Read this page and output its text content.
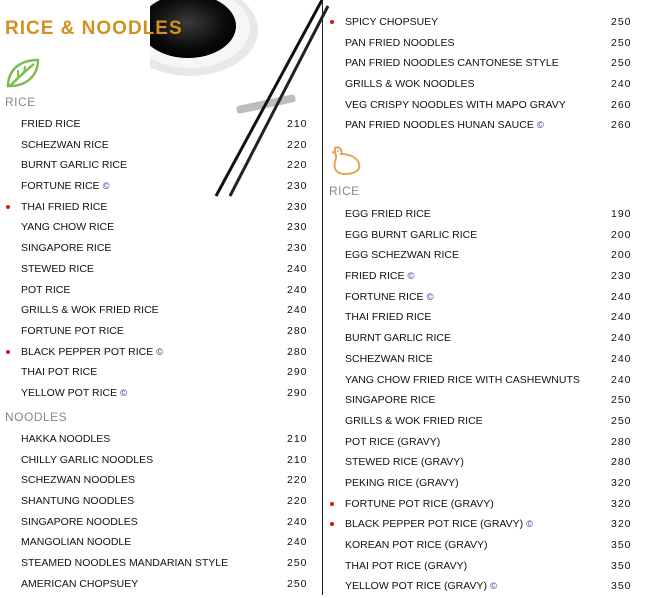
RICE & NOODLES
RICE
FRIED RICE	210
SCHEZWAN RICE	220
BURNT GARLIC RICE	220
FORTUNE RICE ©	230
THAI FRIED RICE	230
YANG CHOW RICE	230
SINGAPORE RICE	230
STEWED RICE	240
POT RICE	240
GRILLS & WOK FRIED RICE	240
FORTUNE POT RICE	280
BLACK PEPPER POT RICE ©	280
THAI POT RICE	290
YELLOW POT RICE ©	290
NOODLES
HAKKA NOODLES	210
CHILLY GARLIC NOODLES	210
SCHEZWAN NOODLES	220
SHANTUNG NOODLES	220
SINGAPORE NOODLES	240
MANGOLIAN NOODLE	240
STEAMED NOODLES MANDARIAN STYLE	250
AMERICAN CHOPSUEY	250
SPICY CHOPSUEY	250
PAN FRIED NOODLES	250
PAN FRIED NOODLES CANTONESE STYLE	250
GRILLS & WOK NOODLES	240
VEG CRISPY NOODLES WITH MAPO GRAVY	260
PAN FRIED NOODLES HUNAN SAUCE ©	260
RICE
EGG FRIED RICE	190
EGG BURNT GARLIC RICE	200
EGG SCHEZWAN RICE	200
FRIED RICE ©	230
FORTUNE RICE ©	240
THAI FRIED RICE	240
BURNT GARLIC RICE	240
SCHEZWAN RICE	240
YANG CHOW FRIED RICE WITH CASHEWNUTS	240
SINGAPORE RICE	250
GRILLS & WOK FRIED RICE	250
POT RICE (GRAVY)	280
STEWED RICE (GRAVY)	280
PEKING RICE (GRAVY)	320
FORTUNE POT RICE (GRAVY)	320
BLACK PEPPER POT RICE (GRAVY) ©	320
KOREAN POT RICE (GRAVY)	350
THAI POT RICE (GRAVY)	350
YELLOW POT RICE (GRAVY) ©	350
